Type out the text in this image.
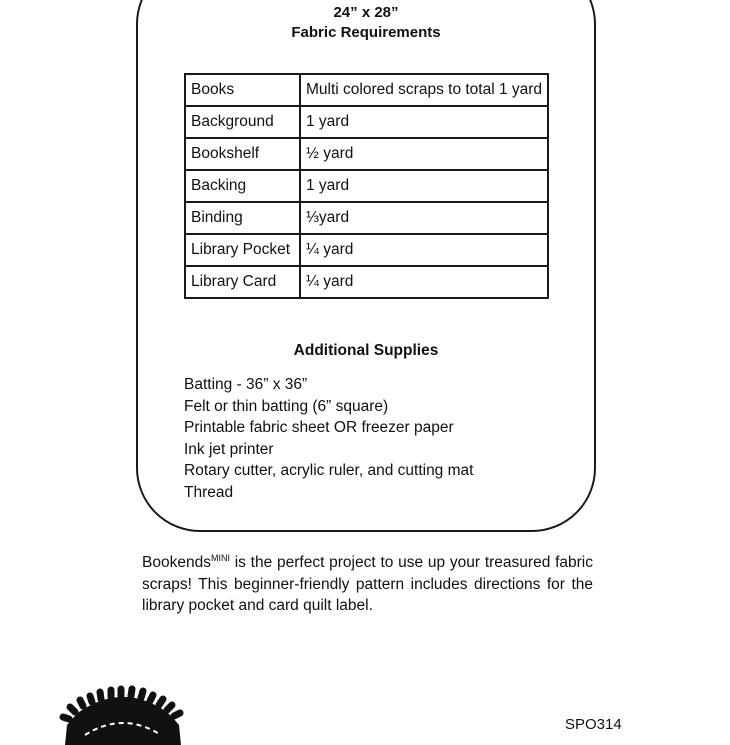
24” x 28”
Fabric Requirements
Books	Multi colored scraps to total 1 yard
Background	1 yard
Bookshelf	½ yard
Backing	1 yard
Binding	⅓yard
Library Pocket	¼ yard
Library Card	¼ yard
Additional Supplies
Batting - 36” x 36”
Felt or thin batting (6” square)
Printable fabric sheet OR freezer paper
Ink jet printer
Rotary cutter, acrylic ruler, and cutting mat
Thread

Bookends$^{MINI}$ is the perfect project to use up your treasured fabric scraps! This beginner-friendly pattern includes directions for the library pocket and card quilt label.

SPO314
